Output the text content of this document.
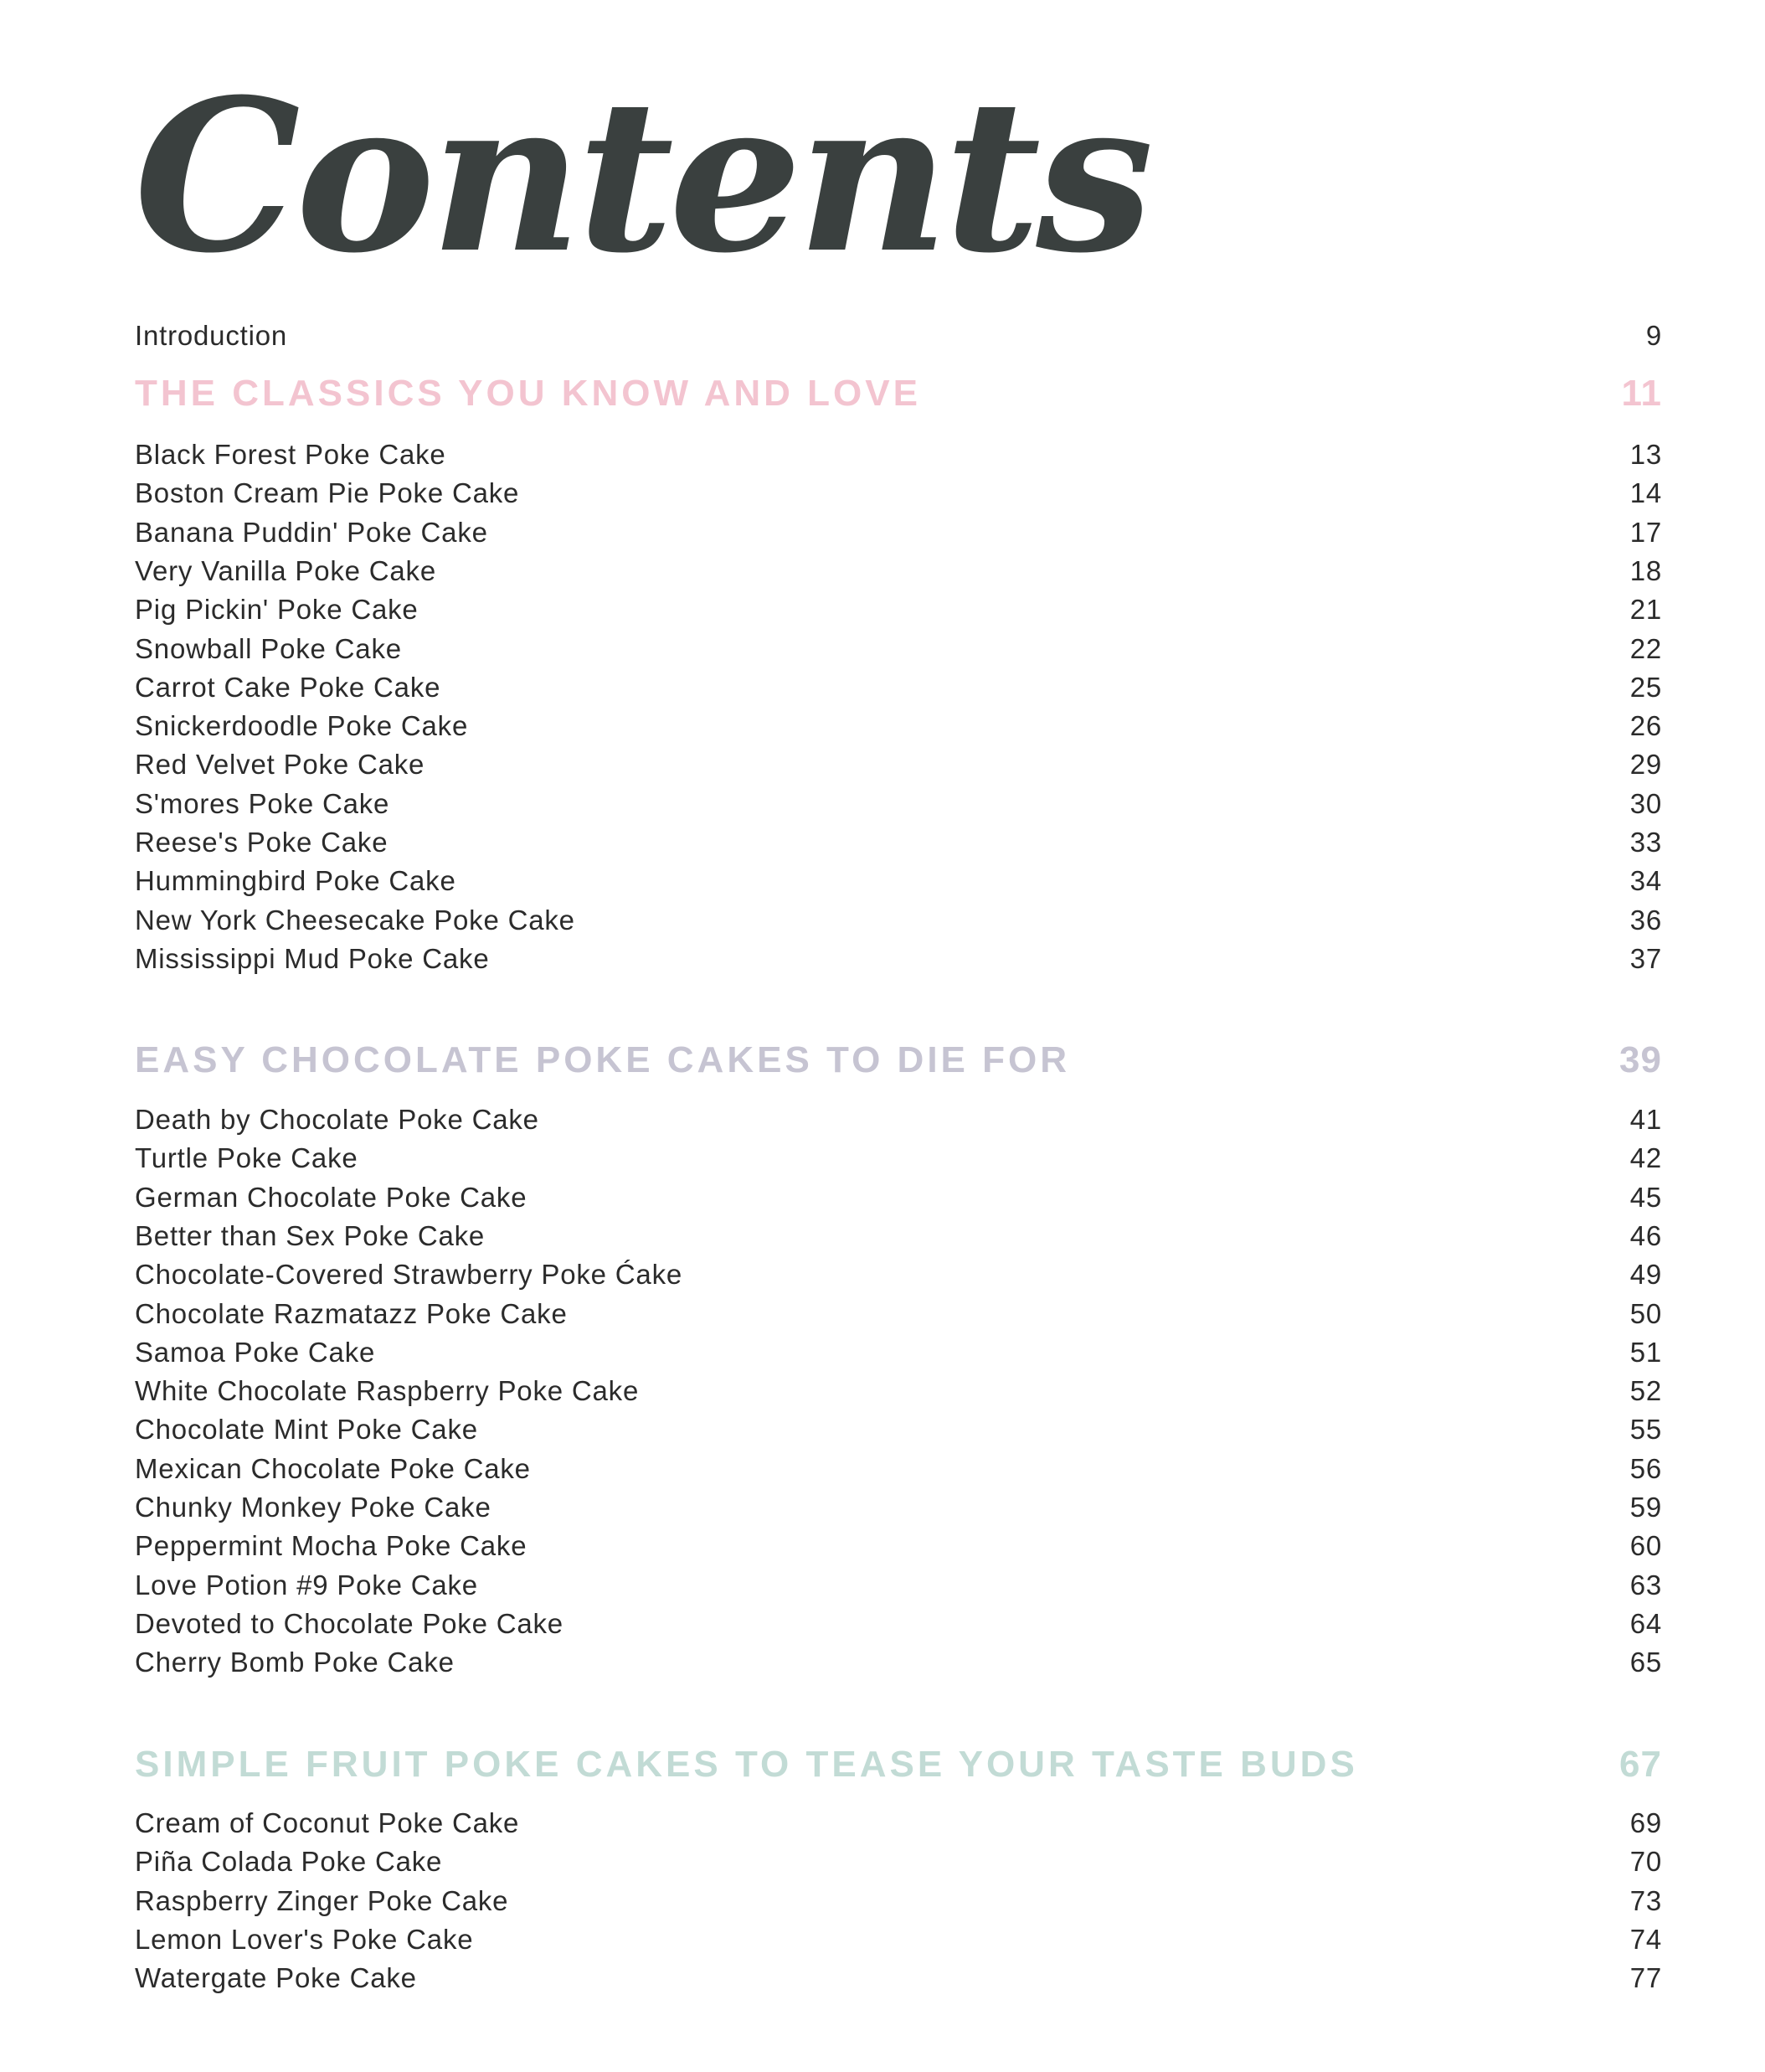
Contents
Introduction	9
THE CLASSICS YOU KNOW AND LOVE	11
Black Forest Poke Cake	13
Boston Cream Pie Poke Cake	14
Banana Puddin' Poke Cake	17
Very Vanilla Poke Cake	18
Pig Pickin' Poke Cake	21
Snowball Poke Cake	22
Carrot Cake Poke Cake	25
Snickerdoodle Poke Cake	26
Red Velvet Poke Cake	29
S'mores Poke Cake	30
Reese's Poke Cake	33
Hummingbird Poke Cake	34
New York Cheesecake Poke Cake	36
Mississippi Mud Poke Cake	37
EASY CHOCOLATE POKE CAKES TO DIE FOR	39
Death by Chocolate Poke Cake	41
Turtle Poke Cake	42
German Chocolate Poke Cake	45
Better than Sex Poke Cake	46
Chocolate-Covered Strawberry Poke Ćake	49
Chocolate Razmatazz Poke Cake	50
Samoa Poke Cake	51
White Chocolate Raspberry Poke Cake	52
Chocolate Mint Poke Cake	55
Mexican Chocolate Poke Cake	56
Chunky Monkey Poke Cake	59
Peppermint Mocha Poke Cake	60
Love Potion #9 Poke Cake	63
Devoted to Chocolate Poke Cake	64
Cherry Bomb Poke Cake	65
SIMPLE FRUIT POKE CAKES TO TEASE YOUR TASTE BUDS	67
Cream of Coconut Poke Cake	69
Piña Colada Poke Cake	70
Raspberry Zinger Poke Cake	73
Lemon Lover's Poke Cake	74
Watergate Poke Cake	77
